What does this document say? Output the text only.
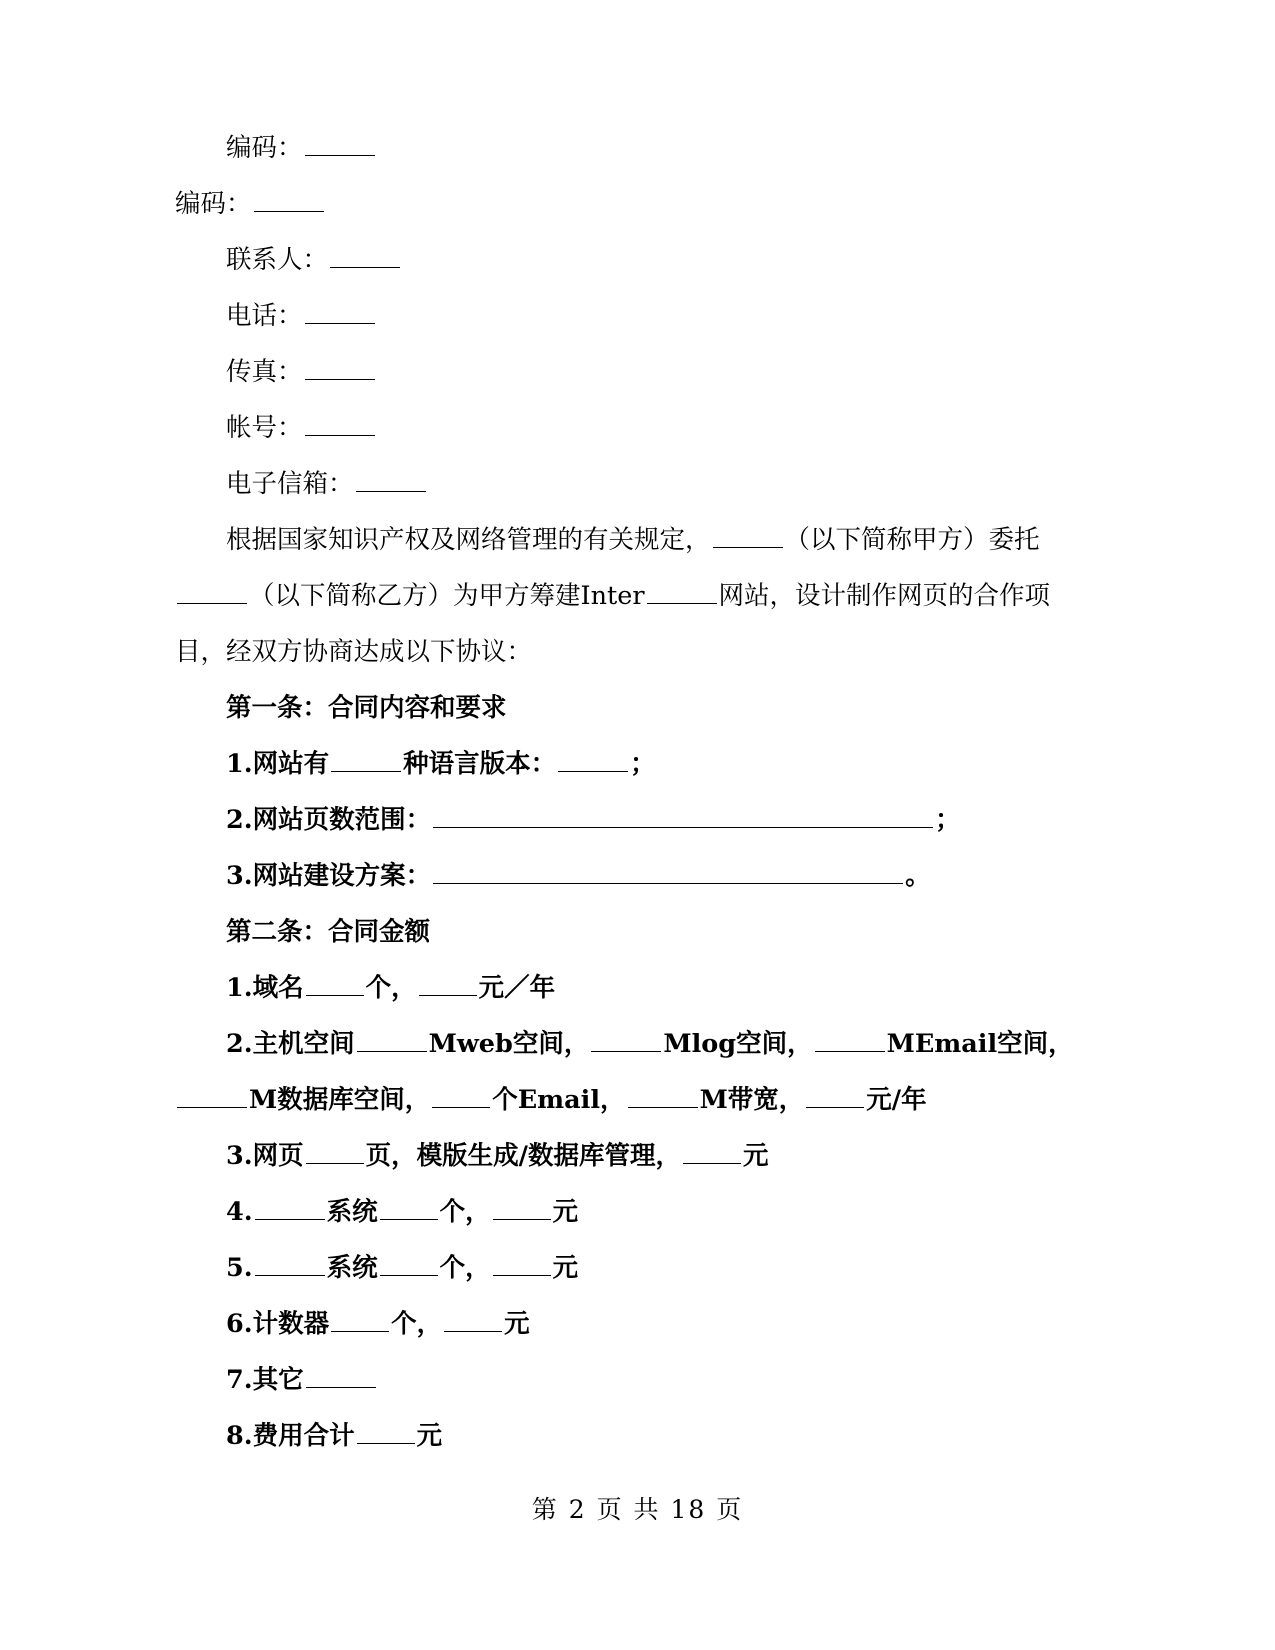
编码：

编码：

联系人：

电话：

传真：

帐号：

电子信箱：

根据国家知识产权及网络管理的有关规定，	（以下简称甲方）委托（以下简称乙方）为甲方筹建Inter	网站，设计制作网页的合作项目，经双方协商达成以下协议：

第一条：合同内容和要求

1.网站有	种语言版本：	；

2.网站页数范围：	；

3.网站建设方案：	。

第二条：合同金额

1.域名 个， 元／年

2.主机空间	Mweb空间，	Mlog空间，	MEmail空间，M数据库空间， 个Email，	M带宽， 元/年

3.网页 页，模版生成/数据库管理， 元

4.	系统 个， 元

5.	系统 个， 元

6.计数器 个， 元

7.其它

8.费用合计 元

第 2 页 共 18 页
